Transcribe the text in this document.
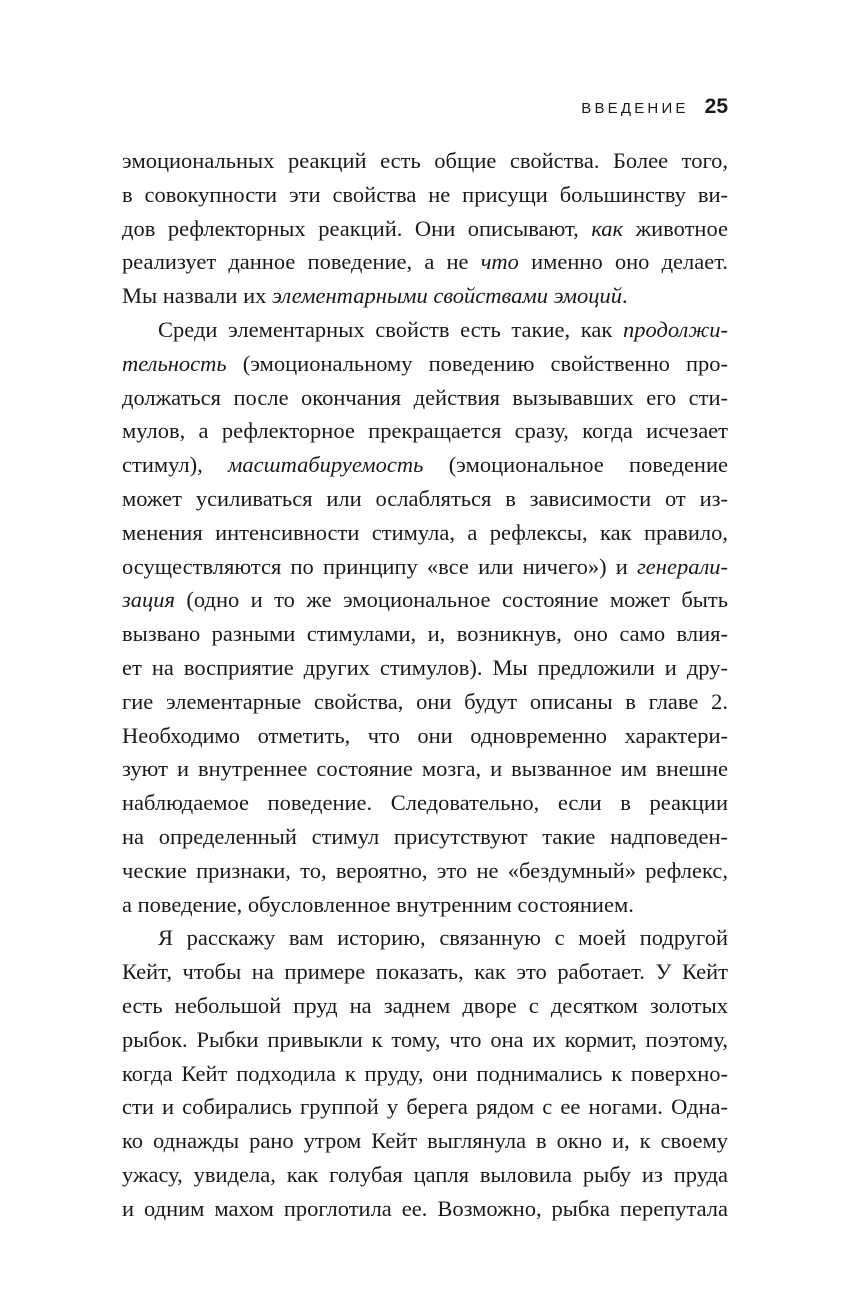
ВВЕДЕНИЕ 25
эмоциональных реакций есть общие свойства. Более того,
в совокупности эти свойства не присущи большинству ви-
дов рефлекторных реакций. Они описывают, как животное
реализует данное поведение, а не что именно оно делает.
Мы назвали их элементарными свойствами эмоций.
Среди элементарных свойств есть такие, как продолжи-
тельность (эмоциональному поведению свойственно про-
должаться после окончания действия вызывавших его сти-
мулов, а рефлекторное прекращается сразу, когда исчезает
стимул), масштабируемость (эмоциональное поведение
может усиливаться или ослабляться в зависимости от из-
менения интенсивности стимула, а рефлексы, как правило,
осуществляются по принципу «все или ничего») и генерали-
зация (одно и то же эмоциональное состояние может быть
вызвано разными стимулами, и, возникнув, оно само влия-
ет на восприятие других стимулов). Мы предложили и дру-
гие элементарные свойства, они будут описаны в главе 2.
Необходимо отметить, что они одновременно характери-
зуют и внутреннее состояние мозга, и вызванное им внешне
наблюдаемое поведение. Следовательно, если в реакции
на определенный стимул присутствуют такие надповеден-
ческие признаки, то, вероятно, это не «бездумный» рефлекс,
а поведение, обусловленное внутренним состоянием.
Я расскажу вам историю, связанную с моей подругой
Кейт, чтобы на примере показать, как это работает. У Кейт
есть небольшой пруд на заднем дворе с десятком золотых
рыбок. Рыбки привыкли к тому, что она их кормит, поэтому,
когда Кейт подходила к пруду, они поднимались к поверхно-
сти и собирались группой у берега рядом с ее ногами. Одна-
ко однажды рано утром Кейт выглянула в окно и, к своему
ужасу, увидела, как голубая цапля выловила рыбу из пруда
и одним махом проглотила ее. Возможно, рыбка перепутала
